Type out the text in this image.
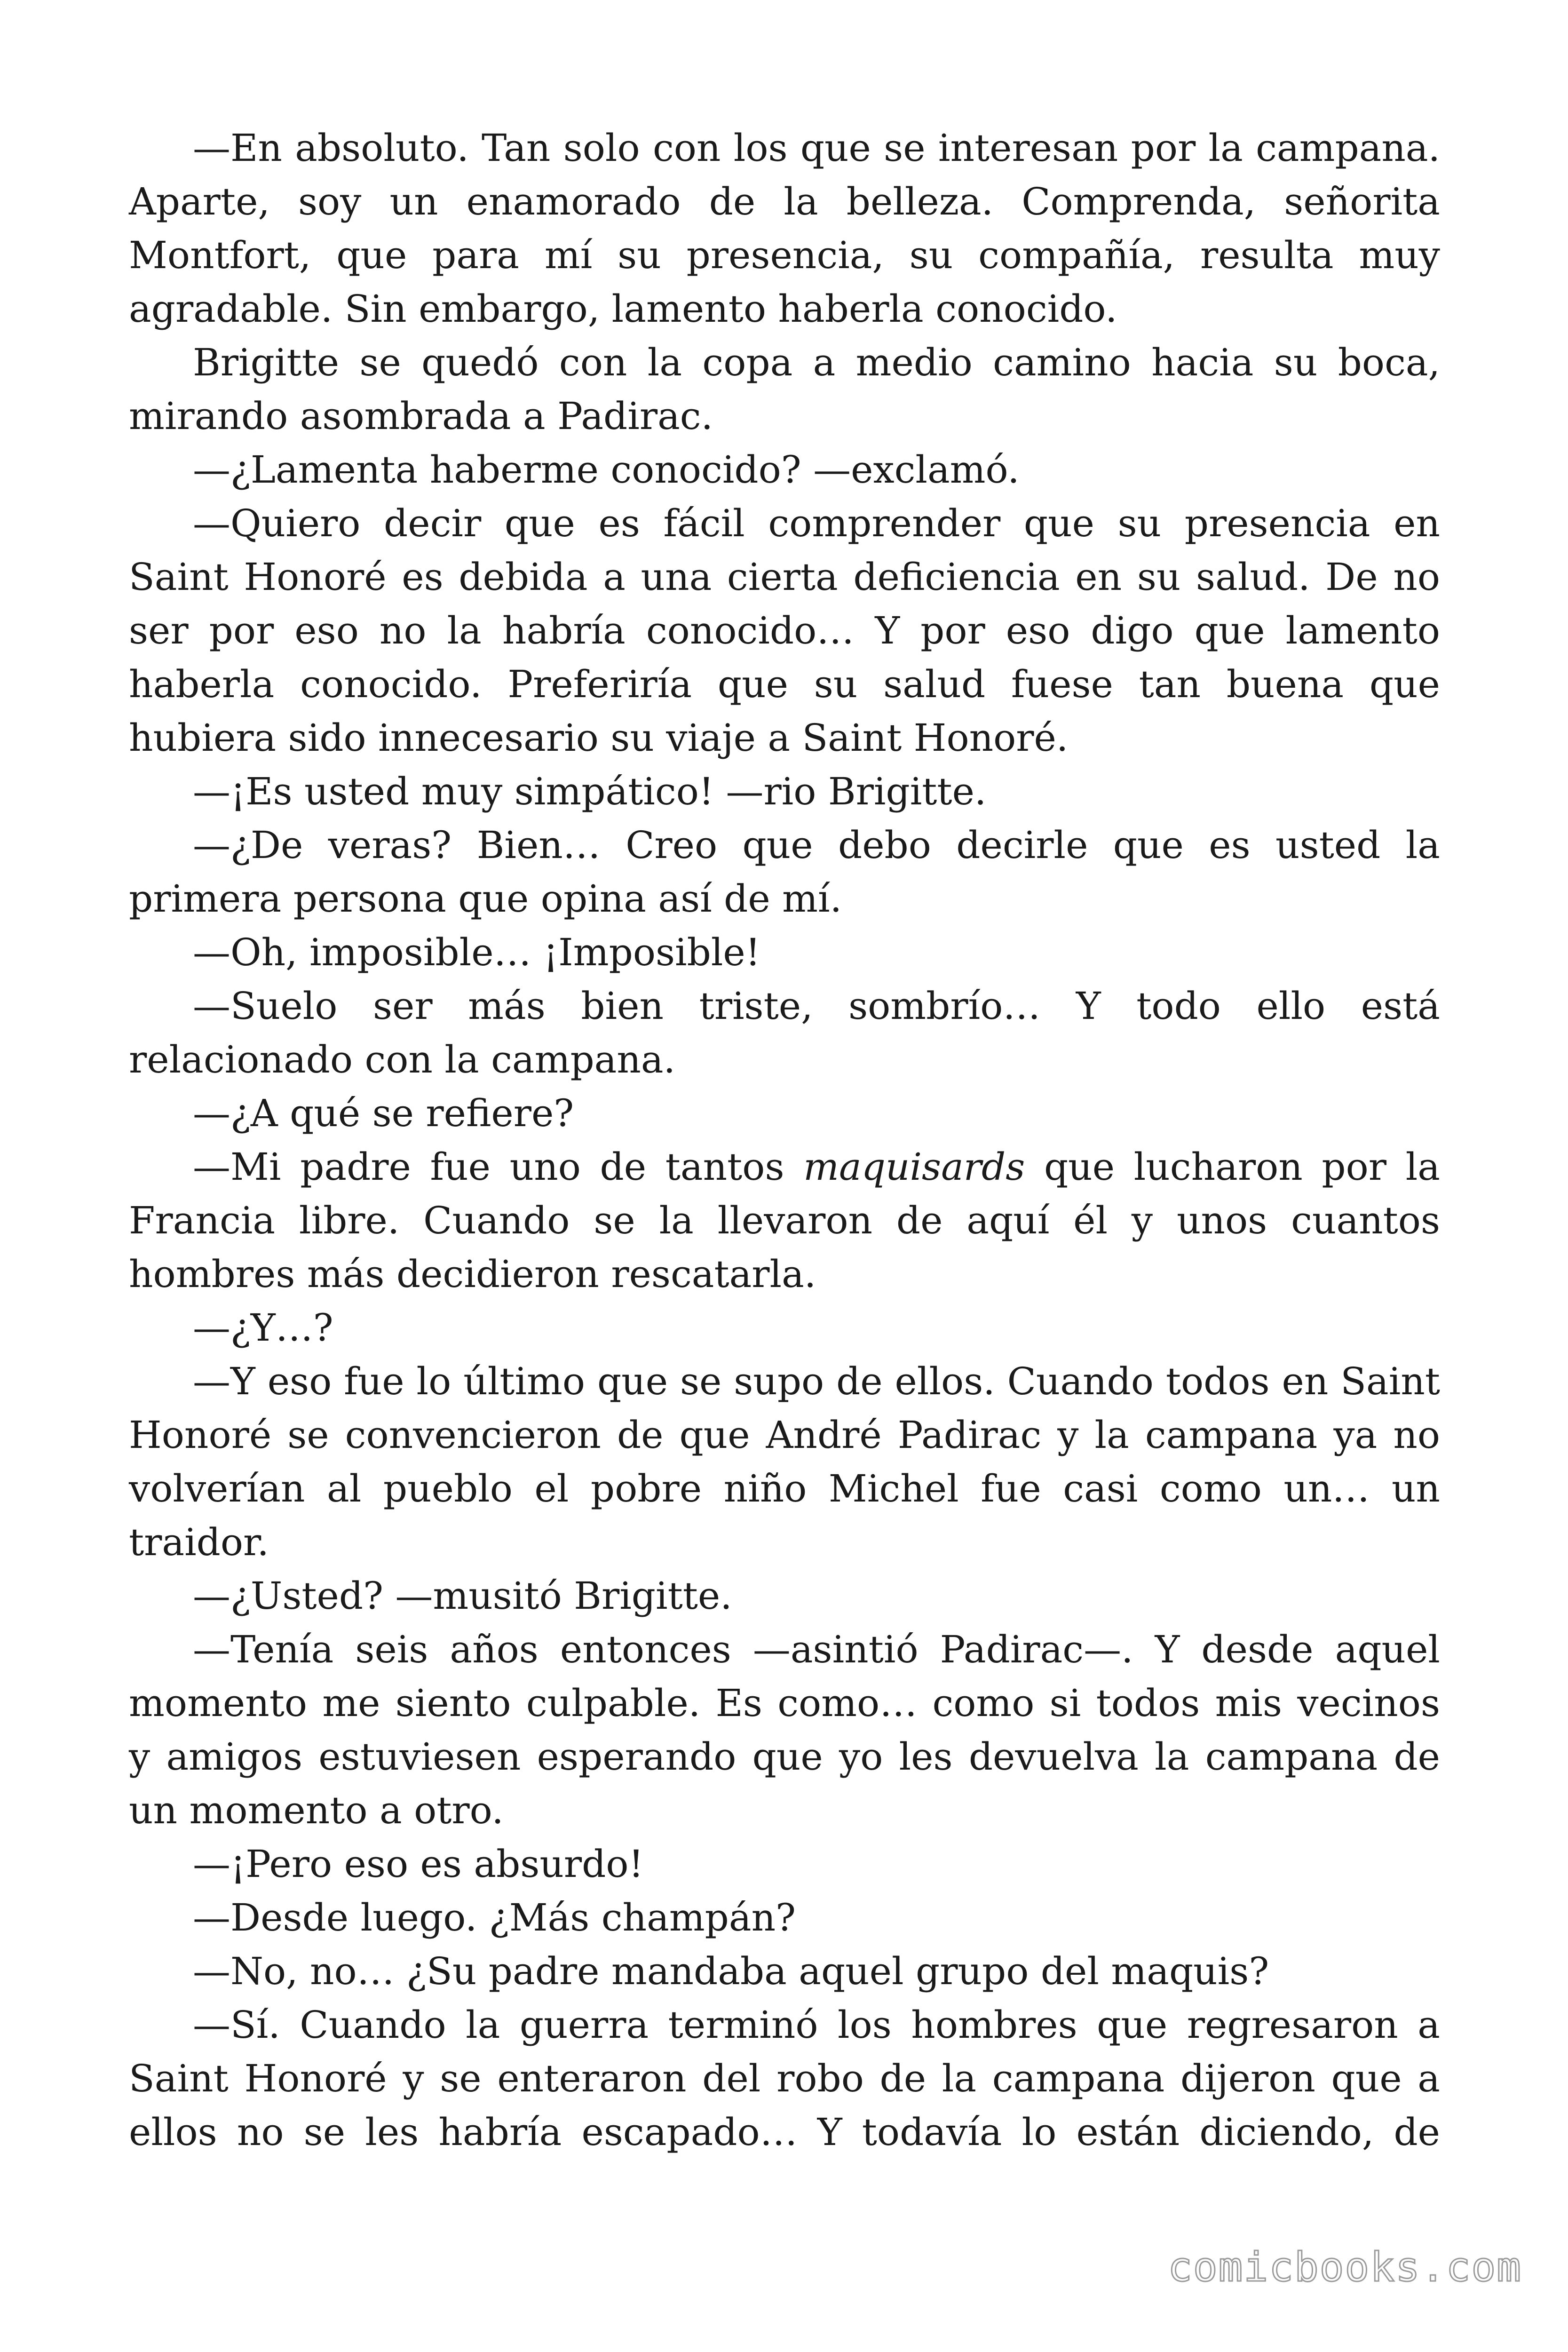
—En absoluto. Tan solo con los que se interesan por la campana. Aparte, soy un enamorado de la belleza. Comprenda, señorita Montfort, que para mí su presencia, su compañía, resulta muy agradable. Sin embargo, lamento haberla conocido.

Brigitte se quedó con la copa a medio camino hacia su boca, mirando asombrada a Padirac.

—¿Lamenta haberme conocido? —exclamó.

—Quiero decir que es fácil comprender que su presencia en Saint Honoré es debida a una cierta deficiencia en su salud. De no ser por eso no la habría conocido… Y por eso digo que lamento haberla conocido. Preferiría que su salud fuese tan buena que hubiera sido innecesario su viaje a Saint Honoré.

—¡Es usted muy simpático! —rio Brigitte.

—¿De veras? Bien… Creo que debo decirle que es usted la primera persona que opina así de mí.

—Oh, imposible… ¡Imposible!

—Suelo ser más bien triste, sombrío… Y todo ello está relacionado con la campana.

—¿A qué se refiere?

—Mi padre fue uno de tantos maquisards que lucharon por la Francia libre. Cuando se la llevaron de aquí él y unos cuantos hombres más decidieron rescatarla.

—¿Y…?

—Y eso fue lo último que se supo de ellos. Cuando todos en Saint Honoré se convencieron de que André Padirac y la campana ya no volverían al pueblo el pobre niño Michel fue casi como un… un traidor.

—¿Usted? —musitó Brigitte.

—Tenía seis años entonces —asintió Padirac—. Y desde aquel momento me siento culpable. Es como… como si todos mis vecinos y amigos estuviesen esperando que yo les devuelva la campana de un momento a otro.

—¡Pero eso es absurdo!

—Desde luego. ¿Más champán?

—No, no… ¿Su padre mandaba aquel grupo del maquis?

—Sí. Cuando la guerra terminó los hombres que regresaron a Saint Honoré y se enteraron del robo de la campana dijeron que a ellos no se les habría escapado… Y todavía lo están diciendo, de

comicbooks.com
